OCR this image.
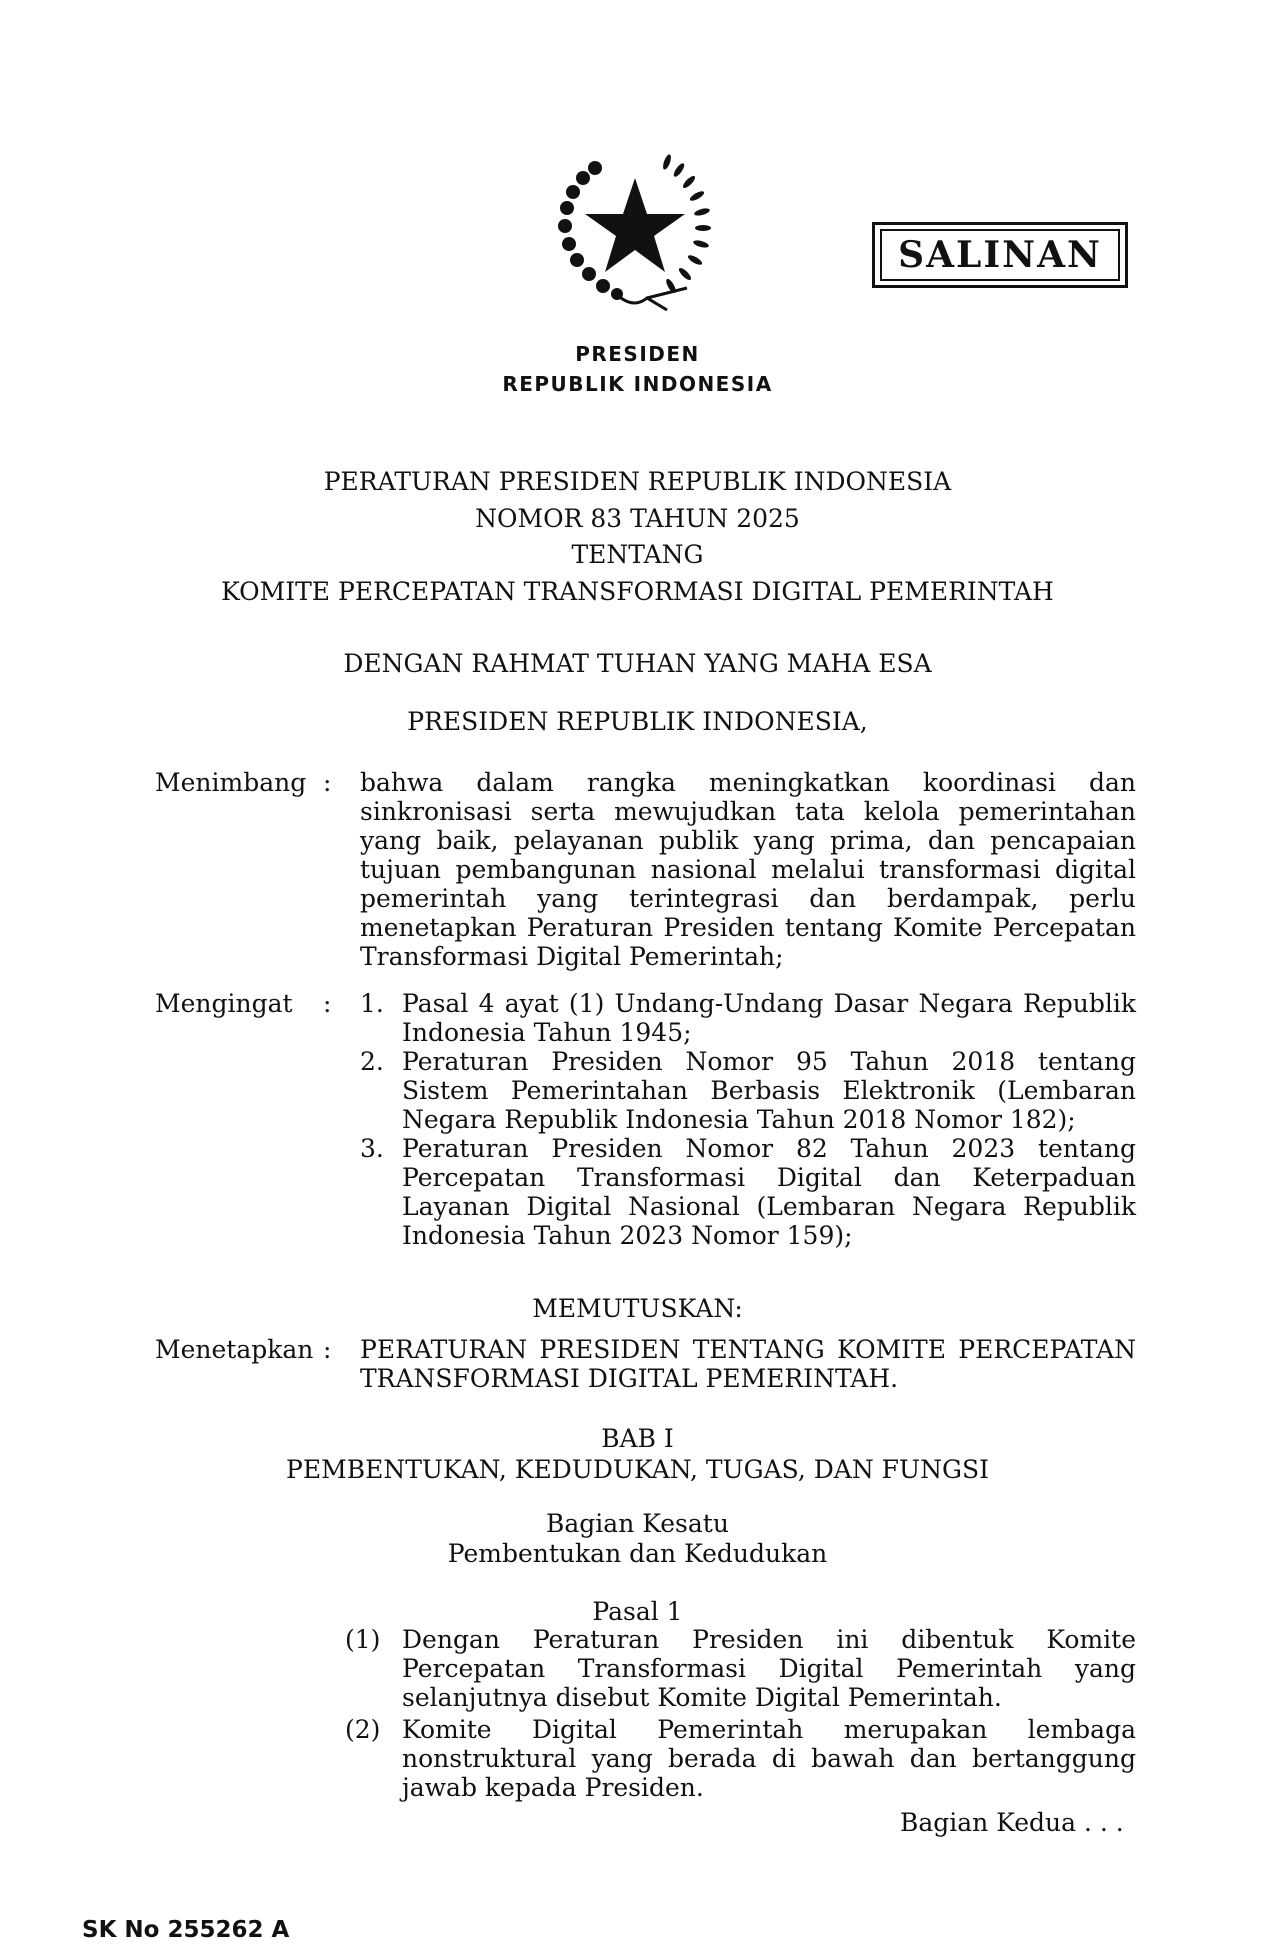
SALINAN
PRESIDEN
REPUBLIK INDONESIA
PERATURAN PRESIDEN REPUBLIK INDONESIA
NOMOR 83 TAHUN 2025
TENTANG
KOMITE PERCEPATAN TRANSFORMASI DIGITAL PEMERINTAH
DENGAN RAHMAT TUHAN YANG MAHA ESA
PRESIDEN REPUBLIK INDONESIA,
Menimbang : bahwa dalam rangka meningkatkan koordinasi dan sinkronisasi serta mewujudkan tata kelola pemerintahan yang baik, pelayanan publik yang prima, dan pencapaian tujuan pembangunan nasional melalui transformasi digital pemerintah yang terintegrasi dan berdampak, perlu menetapkan Peraturan Presiden tentang Komite Percepatan Transformasi Digital Pemerintah;
Mengingat : 1. Pasal 4 ayat (1) Undang-Undang Dasar Negara Republik Indonesia Tahun 1945;
2. Peraturan Presiden Nomor 95 Tahun 2018 tentang Sistem Pemerintahan Berbasis Elektronik (Lembaran Negara Republik Indonesia Tahun 2018 Nomor 182);
3. Peraturan Presiden Nomor 82 Tahun 2023 tentang Percepatan Transformasi Digital dan Keterpaduan Layanan Digital Nasional (Lembaran Negara Republik Indonesia Tahun 2023 Nomor 159);
MEMUTUSKAN:
Menetapkan : PERATURAN PRESIDEN TENTANG KOMITE PERCEPATAN TRANSFORMASI DIGITAL PEMERINTAH.
BAB I
PEMBENTUKAN, KEDUDUKAN, TUGAS, DAN FUNGSI
Bagian Kesatu
Pembentukan dan Kedudukan
Pasal 1
(1) Dengan Peraturan Presiden ini dibentuk Komite Percepatan Transformasi Digital Pemerintah yang selanjutnya disebut Komite Digital Pemerintah.
(2) Komite Digital Pemerintah merupakan lembaga nonstruktural yang berada di bawah dan bertanggung jawab kepada Presiden.
Bagian Kedua . . .
SK No 255262 A
